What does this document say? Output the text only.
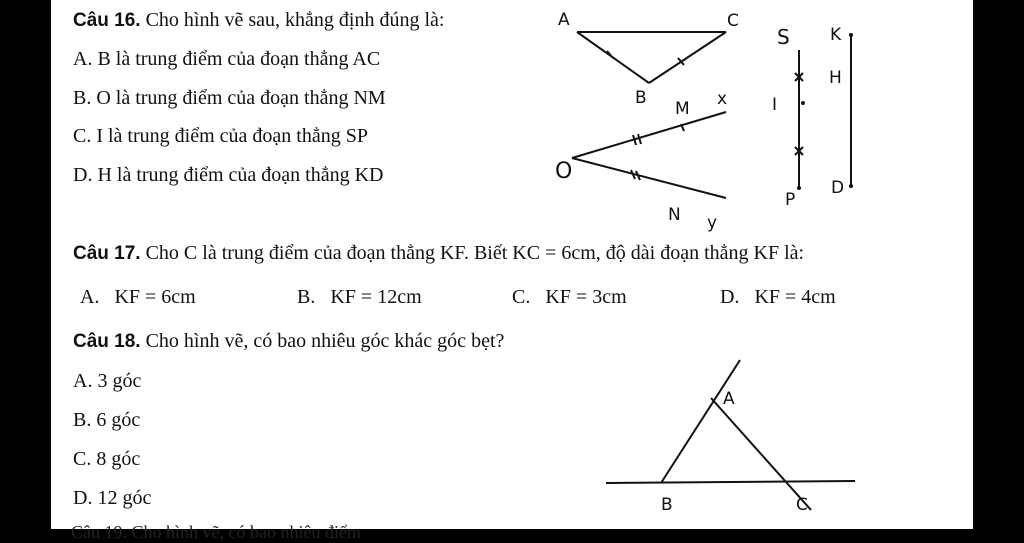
Câu 16. Cho hình vẽ sau, khẳng định đúng là:
A. B là trung điểm của đoạn thẳng AC
B. O là trung điểm của đoạn thẳng NM
C. I là trung điểm của đoạn thẳng SP
D. H là trung điểm của đoạn thẳng KD
A	C
B
M x
O
N y
S
I
P
K
H
D
Câu 17. Cho C là trung điểm của đoạn thẳng KF. Biết KC = 6cm, độ dài đoạn thẳng KF là:
A. KF = 6cm	B. KF = 12cm	C. KF = 3cm	D. KF = 4cm
Câu 18. Cho hình vẽ, có bao nhiêu góc khác góc bẹt?
A. 3 góc
B. 6 góc
C. 8 góc
D. 12 góc
A
B	C
Câu 19. Cho hình vẽ, có bao nhiêu điểm
